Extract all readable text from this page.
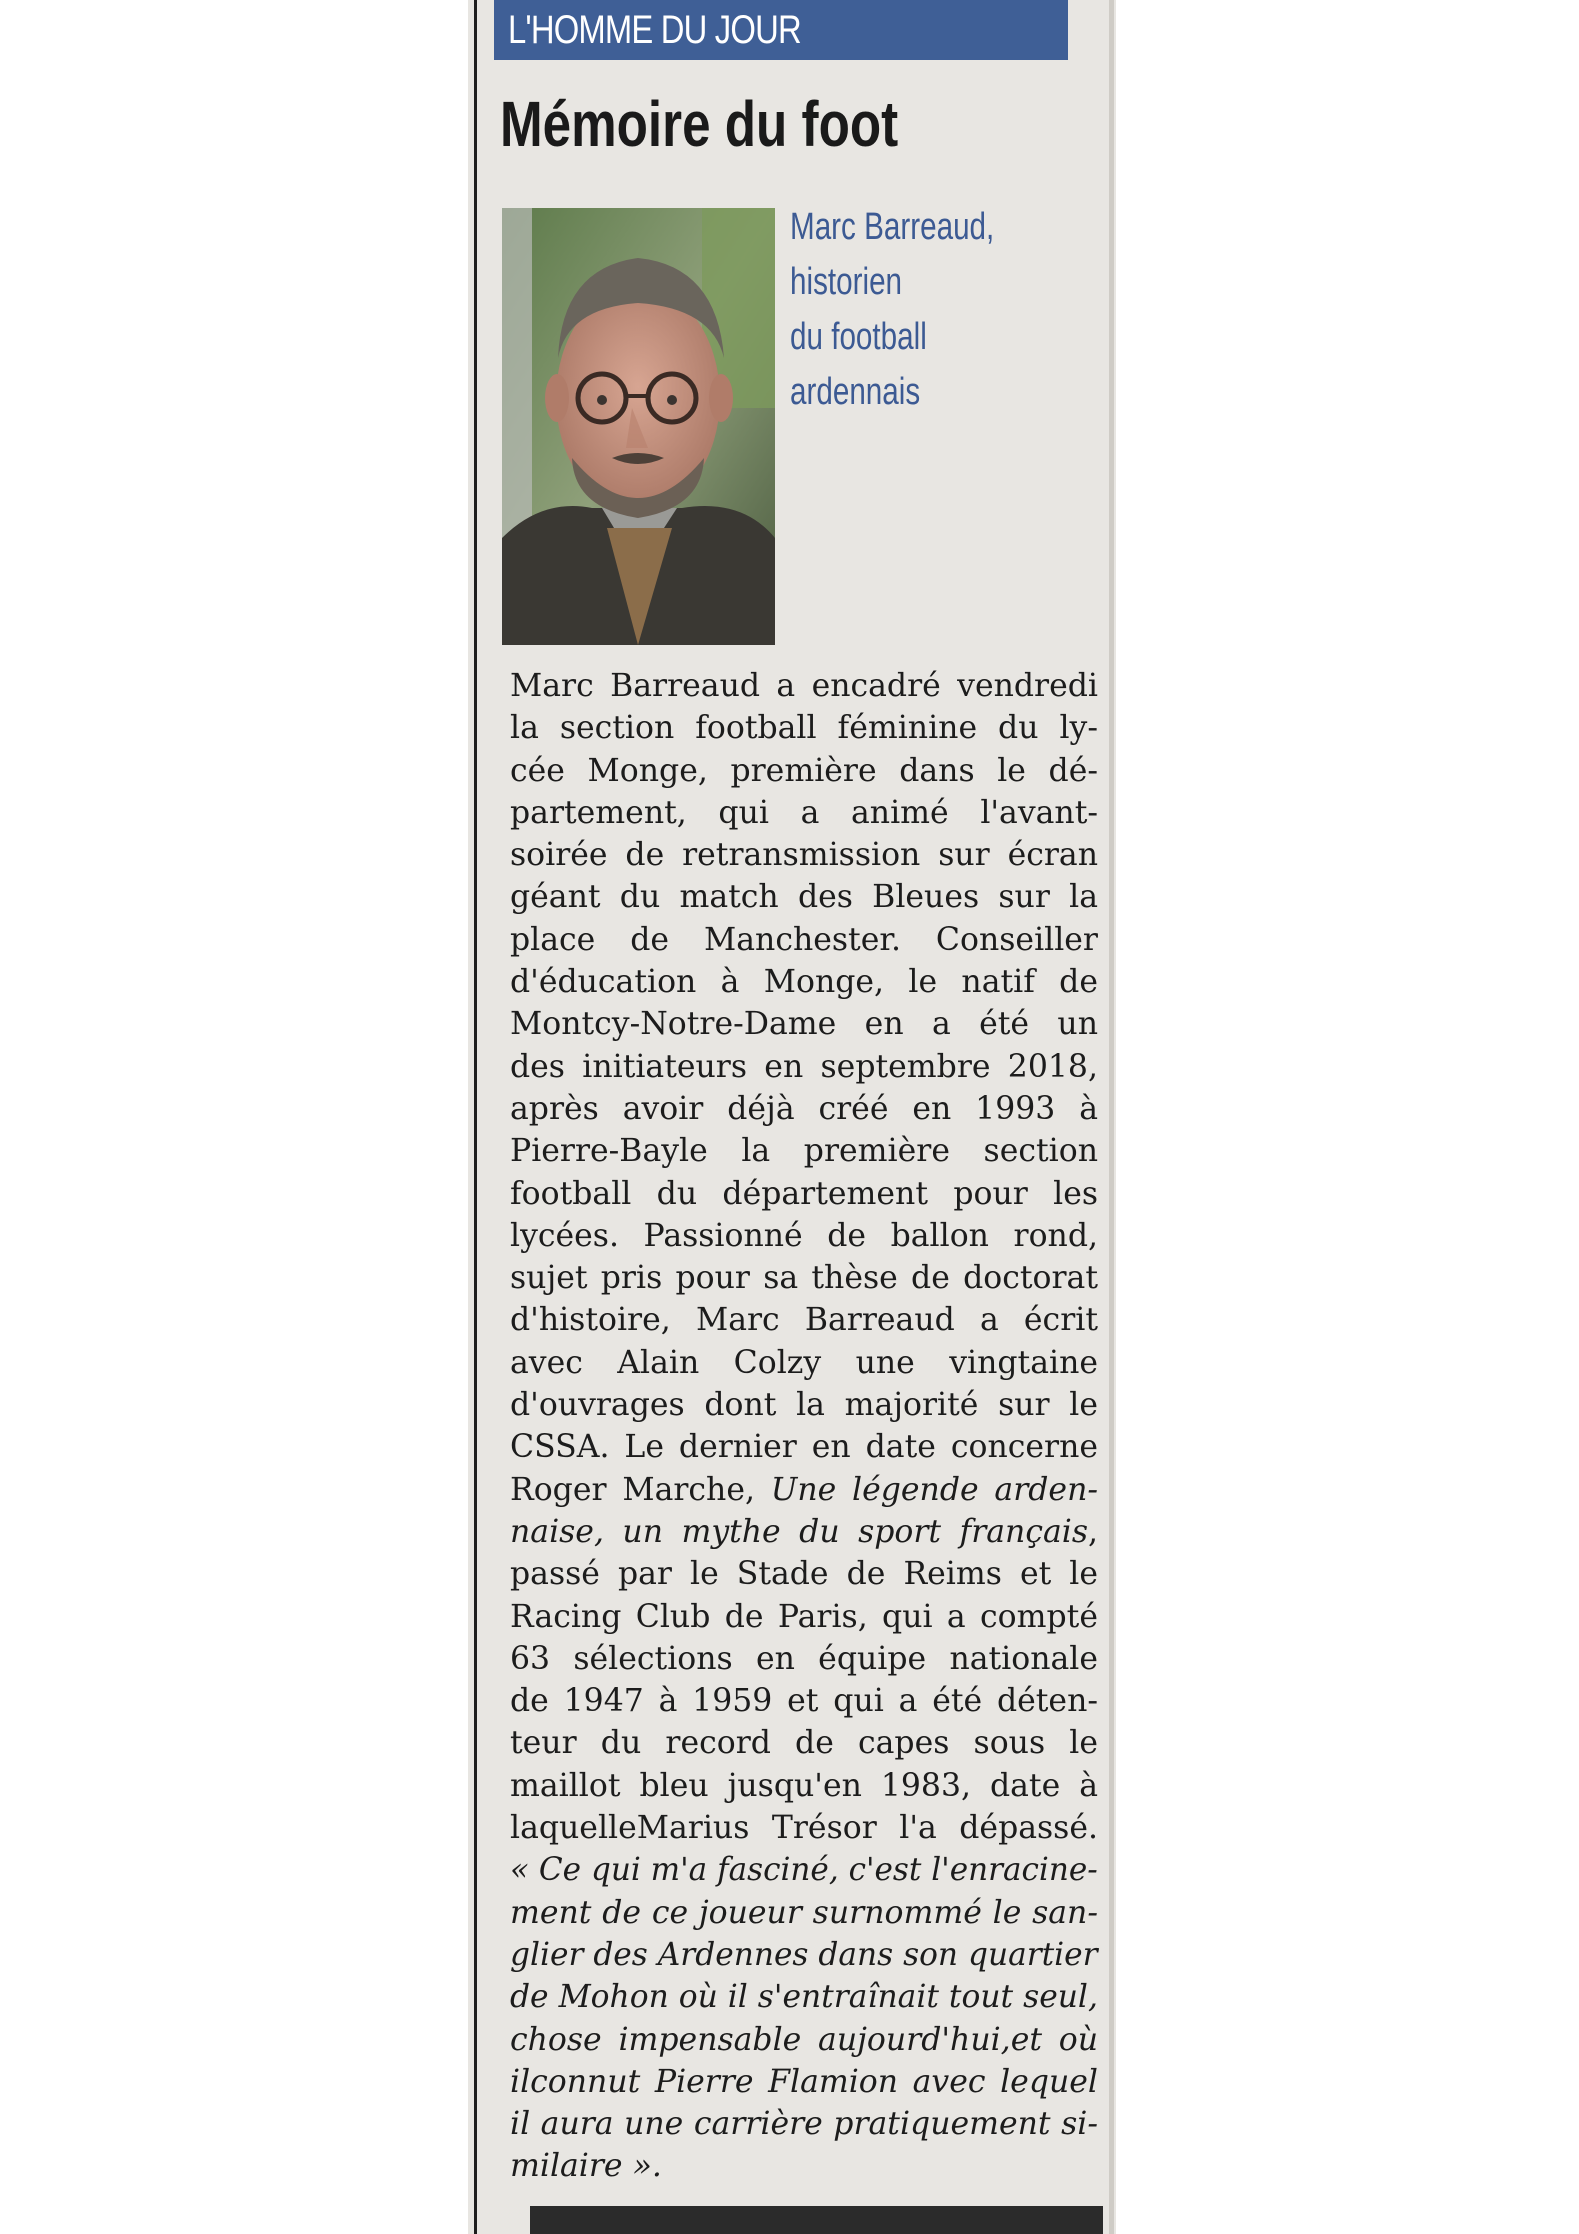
L'HOMME DU JOUR
Mémoire du foot
Marc Barreaud,
historien
du football
ardennais
Marc Barreaud a encadré vendredi
la section football féminine du ly-
cée Monge, première dans le dé-
partement, qui a animé l'avant-
soirée de retransmission sur écran
géant du match des Bleues sur la
place de Manchester. Conseiller
d'éducation à Monge, le natif de
Montcy-Notre-Dame en a été un
des initiateurs en septembre 2018,
après avoir déjà créé en 1993 à
Pierre-Bayle la première section
football du département pour les
lycées. Passionné de ballon rond,
sujet pris pour sa thèse de doctorat
d'histoire, Marc Barreaud a écrit
avec Alain Colzy une vingtaine
d'ouvrages dont la majorité sur le
CSSA. Le dernier en date concerne
Roger Marche, Une légende arden-
naise, un mythe du sport français,
passé par le Stade de Reims et le
Racing Club de Paris, qui a compté
63 sélections en équipe nationale
de 1947 à 1959 et qui a été déten-
teur du record de capes sous le
maillot bleu jusqu'en 1983, date à
laquelleMarius Trésor l'a dépassé.
« Ce qui m'a fasciné, c'est l'enracine-
ment de ce joueur surnommé le san-
glier des Ardennes dans son quartier
de Mohon où il s'entraînait tout seul,
chose impensable aujourd'hui,et où
ilconnut Pierre Flamion avec lequel
il aura une carrière pratiquement si-
milaire ».
